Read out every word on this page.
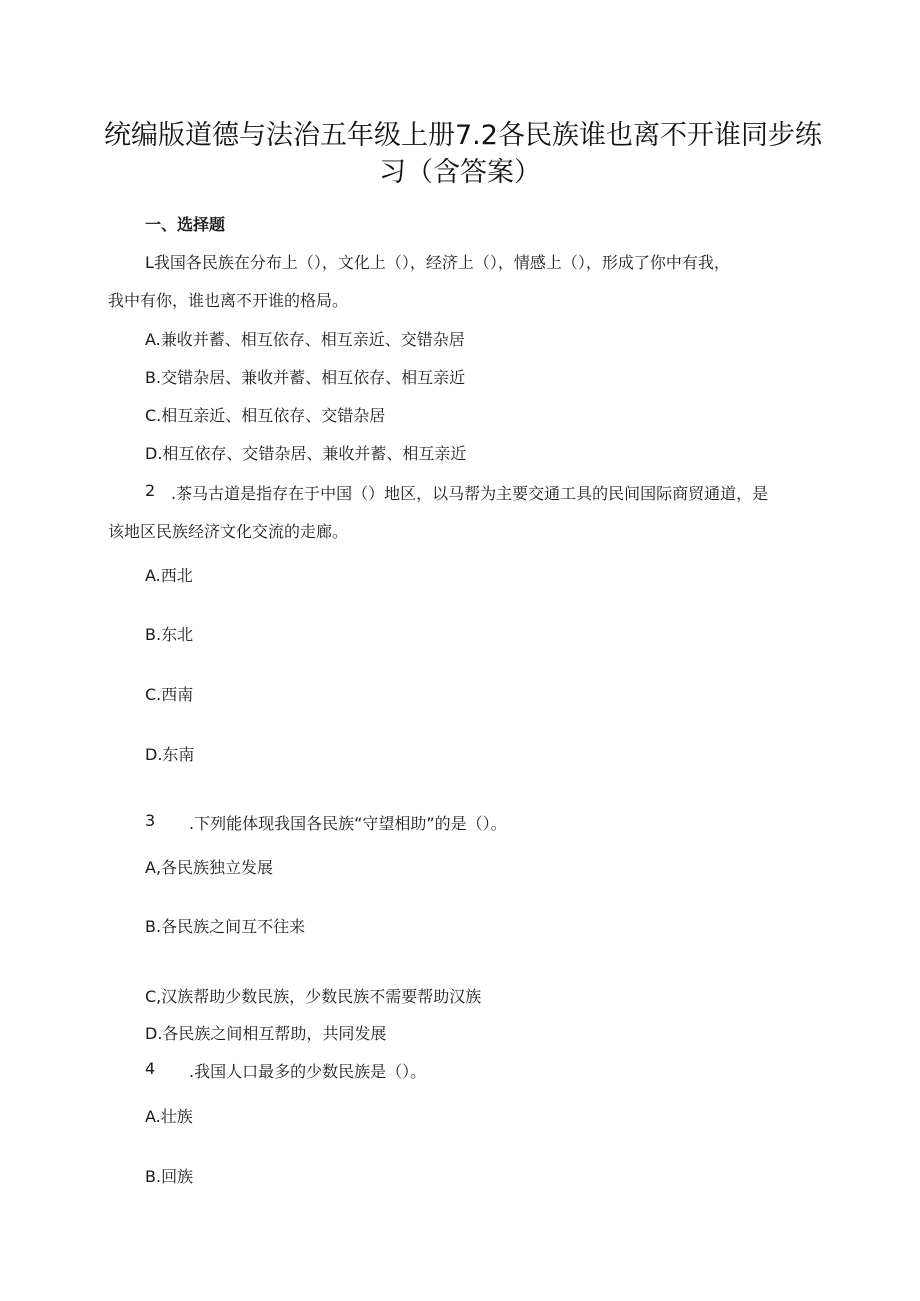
统编版道德与法治五年级上册7.2各民族谁也离不开谁同步练
习（含答案）
一、选择题
L我国各民族在分布上（），文化上（），经济上（），情感上（），形成了你中有我，
我中有你，谁也离不开谁的格局。
A.兼收并蓄、相互依存、相互亲近、交错杂居
B.交错杂居、兼收并蓄、相互依存、相互亲近
C.相互亲近、相互依存、交错杂居
D.相互依存、交错杂居、兼收并蓄、相互亲近
2 .茶马古道是指存在于中国（）地区，以马帮为主要交通工具的民间国际商贸通道，是
该地区民族经济文化交流的走廊。
A.西北
B.东北
C.西南
D.东南
3 .下列能体现我国各民族“守望相助”的是（）。
A,各民族独立发展
B.各民族之间互不往来
C,汉族帮助少数民族，少数民族不需要帮助汉族
D.各民族之间相互帮助，共同发展
4 .我国人口最多的少数民族是（）。
A.壮族
B.回族
